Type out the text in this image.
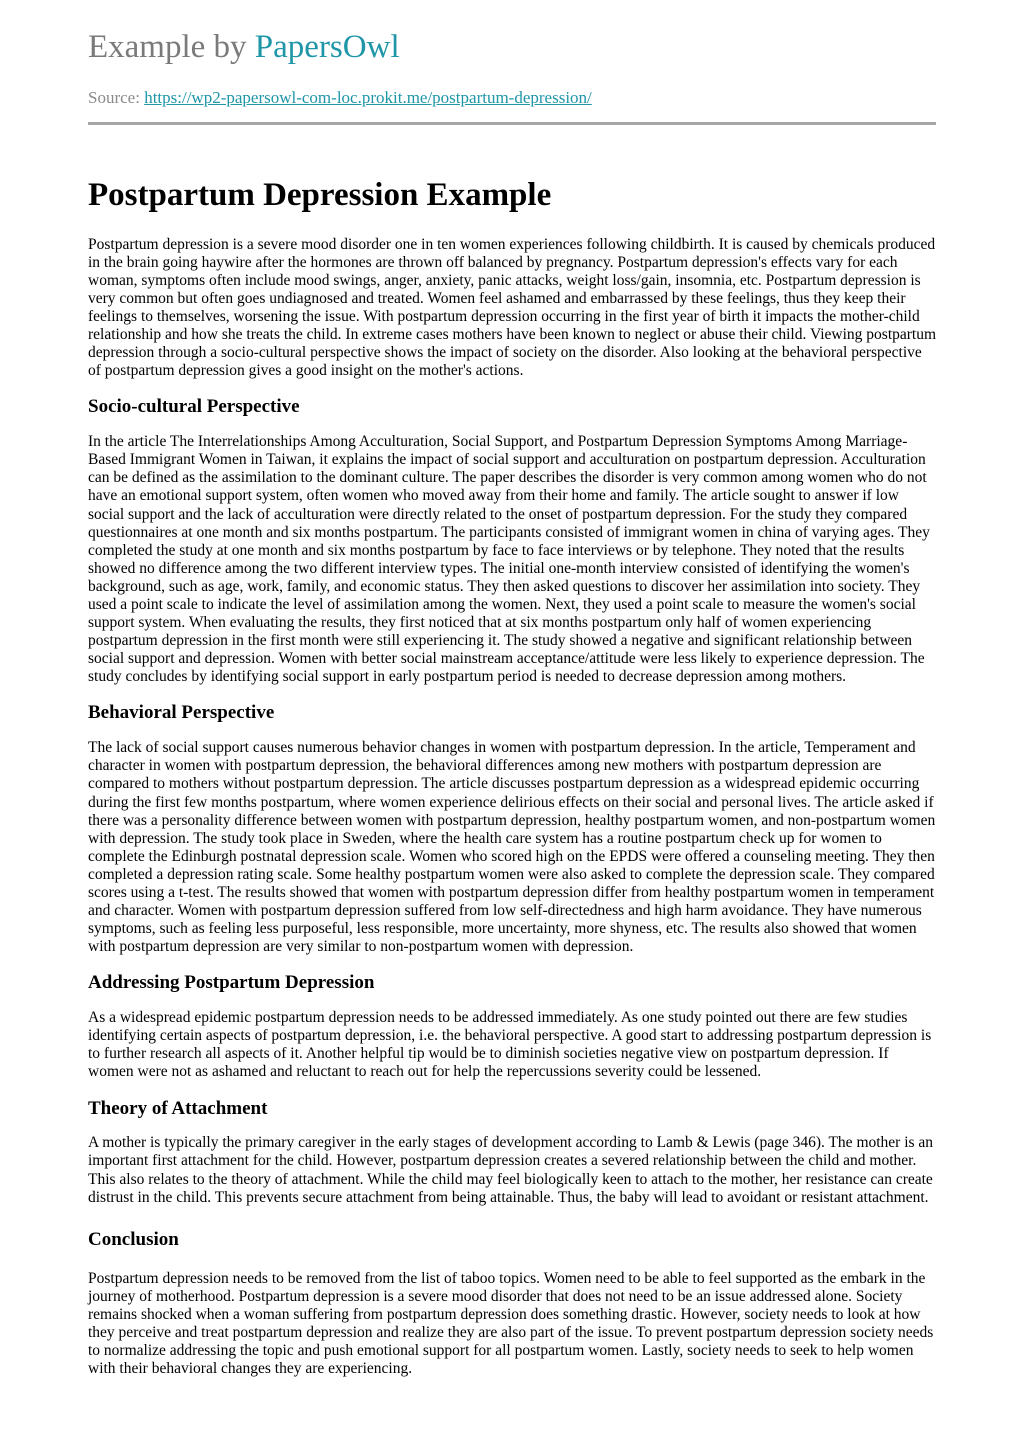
Example by PapersOwl
Source: https://wp2-papersowl-com-loc.prokit.me/postpartum-depression/
Postpartum Depression Example

Postpartum depression is a severe mood disorder one in ten women experiences following childbirth. It is caused by chemicals produced in the brain going haywire after the hormones are thrown off balanced by pregnancy. Postpartum depression's effects vary for each woman, symptoms often include mood swings, anger, anxiety, panic attacks, weight loss/gain, insomnia, etc. Postpartum depression is very common but often goes undiagnosed and treated. Women feel ashamed and embarrassed by these feelings, thus they keep their feelings to themselves, worsening the issue. With postpartum depression occurring in the first year of birth it impacts the mother-child relationship and how she treats the child. In extreme cases mothers have been known to neglect or abuse their child. Viewing postpartum depression through a socio-cultural perspective shows the impact of society on the disorder. Also looking at the behavioral perspective of postpartum depression gives a good insight on the mother's actions.

Socio-cultural Perspective

In the article The Interrelationships Among Acculturation, Social Support, and Postpartum Depression Symptoms Among Marriage-Based Immigrant Women in Taiwan, it explains the impact of social support and acculturation on postpartum depression. Acculturation can be defined as the assimilation to the dominant culture. The paper describes the disorder is very common among women who do not have an emotional support system, often women who moved away from their home and family. The article sought to answer if low social support and the lack of acculturation were directly related to the onset of postpartum depression. For the study they compared questionnaires at one month and six months postpartum. The participants consisted of immigrant women in china of varying ages. They completed the study at one month and six months postpartum by face to face interviews or by telephone. They noted that the results showed no difference among the two different interview types. The initial one-month interview consisted of identifying the women's background, such as age, work, family, and economic status. They then asked questions to discover her assimilation into society. They used a point scale to indicate the level of assimilation among the women. Next, they used a point scale to measure the women's social support system. When evaluating the results, they first noticed that at six months postpartum only half of women experiencing postpartum depression in the first month were still experiencing it. The study showed a negative and significant relationship between social support and depression. Women with better social mainstream acceptance/attitude were less likely to experience depression. The study concludes by identifying social support in early postpartum period is needed to decrease depression among mothers.

Behavioral Perspective

The lack of social support causes numerous behavior changes in women with postpartum depression. In the article, Temperament and character in women with postpartum depression, the behavioral differences among new mothers with postpartum depression are compared to mothers without postpartum depression. The article discusses postpartum depression as a widespread epidemic occurring during the first few months postpartum, where women experience delirious effects on their social and personal lives. The article asked if there was a personality difference between women with postpartum depression, healthy postpartum women, and non-postpartum women with depression. The study took place in Sweden, where the health care system has a routine postpartum check up for women to complete the Edinburgh postnatal depression scale. Women who scored high on the EPDS were offered a counseling meeting. They then completed a depression rating scale. Some healthy postpartum women were also asked to complete the depression scale. They compared scores using a t-test. The results showed that women with postpartum depression differ from healthy postpartum women in temperament and character. Women with postpartum depression suffered from low self-directedness and high harm avoidance. They have numerous symptoms, such as feeling less purposeful, less responsible, more uncertainty, more shyness, etc. The results also showed that women with postpartum depression are very similar to non-postpartum women with depression.

Addressing Postpartum Depression

As a widespread epidemic postpartum depression needs to be addressed immediately. As one study pointed out there are few studies identifying certain aspects of postpartum depression, i.e. the behavioral perspective. A good start to addressing postpartum depression is to further research all aspects of it. Another helpful tip would be to diminish societies negative view on postpartum depression. If women were not as ashamed and reluctant to reach out for help the repercussions severity could be lessened.

Theory of Attachment

A mother is typically the primary caregiver in the early stages of development according to Lamb & Lewis (page 346). The mother is an important first attachment for the child. However, postpartum depression creates a severed relationship between the child and mother. This also relates to the theory of attachment. While the child may feel biologically keen to attach to the mother, her resistance can create distrust in the child. This prevents secure attachment from being attainable. Thus, the baby will lead to avoidant or resistant attachment.

Conclusion

Postpartum depression needs to be removed from the list of taboo topics. Women need to be able to feel supported as the embark in the journey of motherhood. Postpartum depression is a severe mood disorder that does not need to be an issue addressed alone. Society remains shocked when a woman suffering from postpartum depression does something drastic. However, society needs to look at how they perceive and treat postpartum depression and realize they are also part of the issue. To prevent postpartum depression society needs to normalize addressing the topic and push emotional support for all postpartum women. Lastly, society needs to seek to help women with their behavioral changes they are experiencing.
